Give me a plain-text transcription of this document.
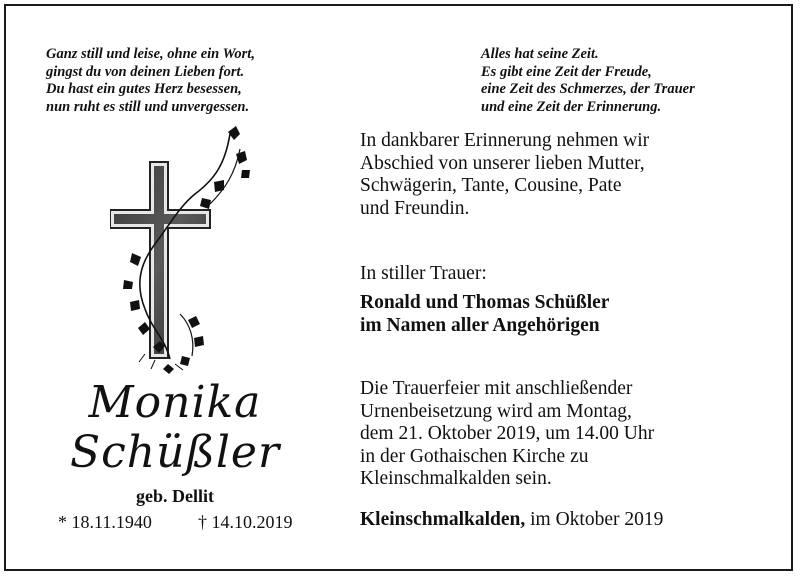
Ganz still und leise, ohne ein Wort,
gingst du von deinen Lieben fort.
Du hast ein gutes Herz besessen,
nun ruht es still und unvergessen.
Alles hat seine Zeit.
Es gibt eine Zeit der Freude,
eine Zeit des Schmerzes, der Trauer
und eine Zeit der Erinnerung.
Monika
Schüßler
geb. Dellit
* 18.11.1940	† 14.10.2019
In dankbarer Erinnerung nehmen wir
Abschied von unserer lieben Mutter,
Schwägerin, Tante, Cousine, Pate
und Freundin.
In stiller Trauer:
Ronald und Thomas Schüßler
im Namen aller Angehörigen
Die Trauerfeier mit anschließender
Urnenbeisetzung wird am Montag,
dem 21. Oktober 2019, um 14.00 Uhr
in der Gothaischen Kirche zu
Kleinschmalkalden sein.
Kleinschmalkalden, im Oktober 2019
